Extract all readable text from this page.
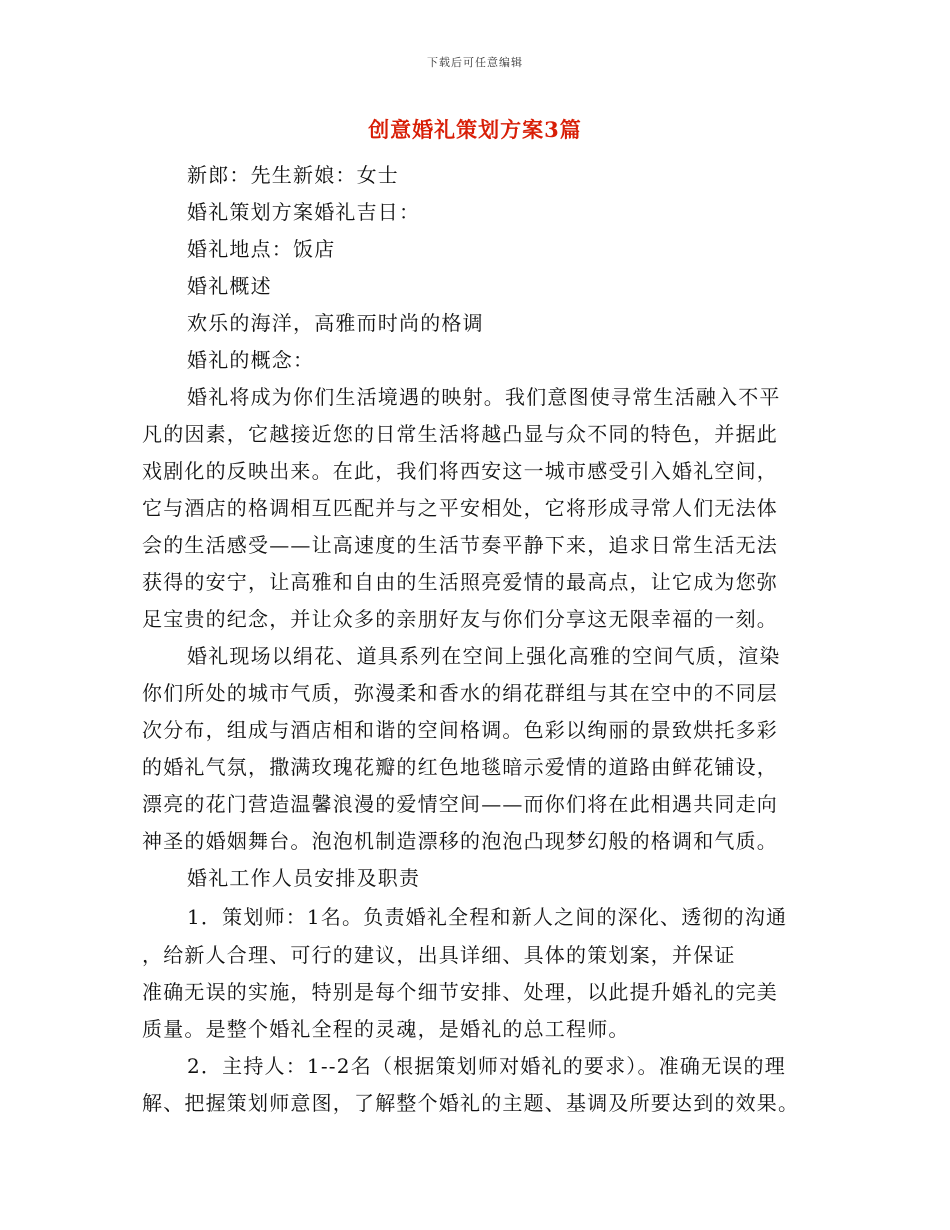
下载后可任意编辑
创意婚礼策划方案3篇
新郎：先生新娘：女士
婚礼策划方案婚礼吉日：
婚礼地点：饭店
婚礼概述
欢乐的海洋，高雅而时尚的格调
婚礼的概念：
婚礼将成为你们生活境遇的映射。我们意图使寻常生活融入不平
凡的因素，它越接近您的日常生活将越凸显与众不同的特色，并据此
戏剧化的反映出来。在此，我们将西安这一城市感受引入婚礼空间，
它与酒店的格调相互匹配并与之平安相处，它将形成寻常人们无法体
会的生活感受——让高速度的生活节奏平静下来，追求日常生活无法
获得的安宁，让高雅和自由的生活照亮爱情的最高点，让它成为您弥
足宝贵的纪念，并让众多的亲朋好友与你们分享这无限幸福的一刻。
婚礼现场以绢花、道具系列在空间上强化高雅的空间气质，渲染
你们所处的城市气质，弥漫柔和香水的绢花群组与其在空中的不同层
次分布，组成与酒店相和谐的空间格调。色彩以绚丽的景致烘托多彩
的婚礼气氛，撒满玫瑰花瓣的红色地毯暗示爱情的道路由鲜花铺设，
漂亮的花门营造温馨浪漫的爱情空间——而你们将在此相遇共同走向
神圣的婚姻舞台。泡泡机制造漂移的泡泡凸现梦幻般的格调和气质。
婚礼工作人员安排及职责
1．策划师：1名。负责婚礼全程和新人之间的深化、透彻的沟通
，给新人合理、可行的建议，出具详细、具体的策划案，并保证
准确无误的实施，特别是每个细节安排、处理，以此提升婚礼的完美
质量。是整个婚礼全程的灵魂，是婚礼的总工程师。
2．主持人：1--2名（根据策划师对婚礼的要求）。准确无误的理
解、把握策划师意图，了解整个婚礼的主题、基调及所要达到的效果。
